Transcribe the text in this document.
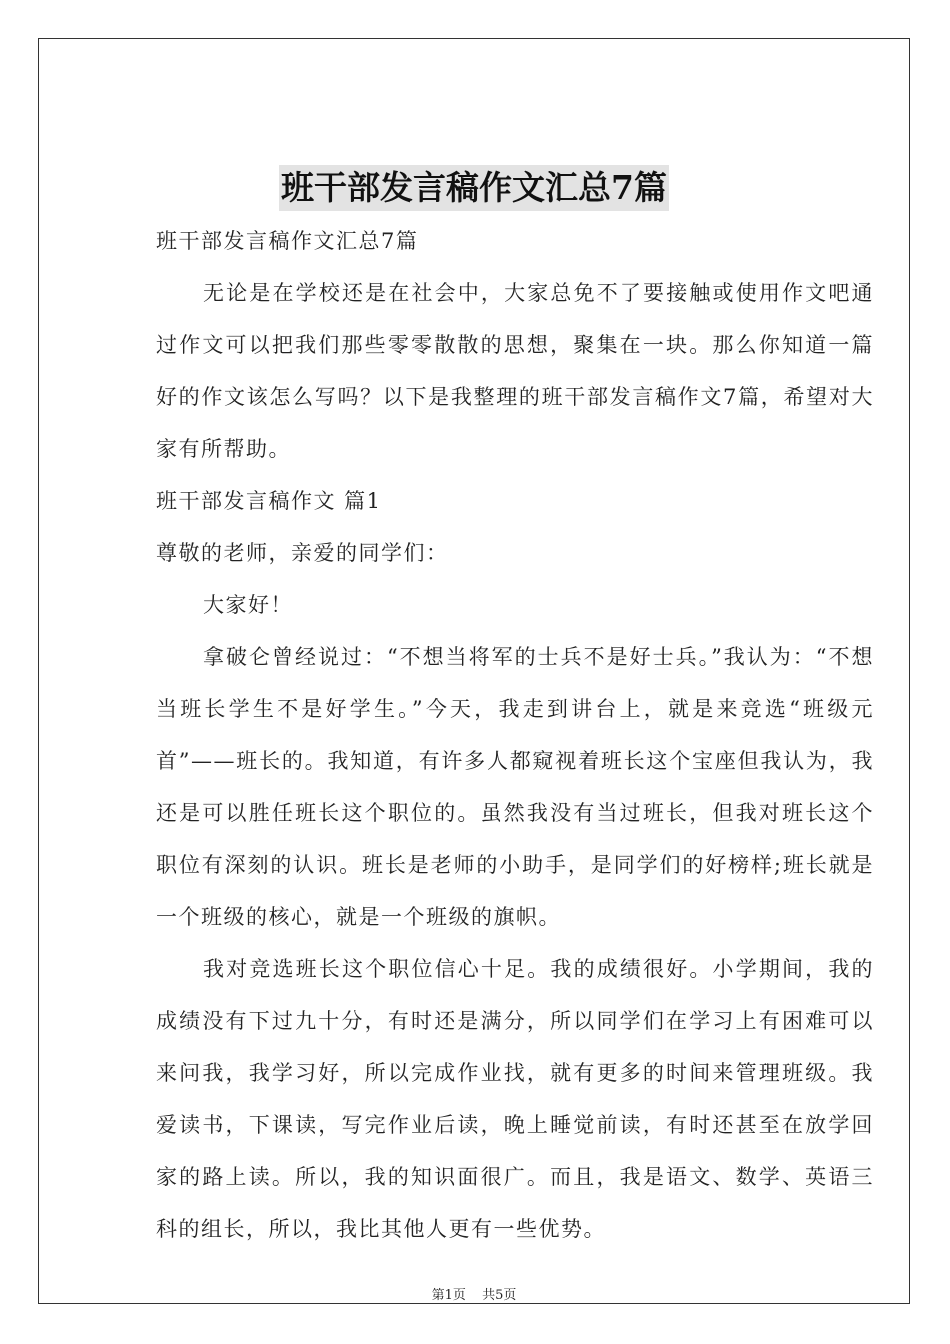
班干部发言稿作文汇总7篇

班干部发言稿作文汇总7篇

无论是在学校还是在社会中，大家总免不了要接触或使用作文吧通过作文可以把我们那些零零散散的思想，聚集在一块。那么你知道一篇好的作文该怎么写吗？以下是我整理的班干部发言稿作文7篇，希望对大家有所帮助。

班干部发言稿作文 篇1

尊敬的老师，亲爱的同学们：

大家好！

拿破仑曾经说过：“不想当将军的士兵不是好士兵。”我认为：“不想当班长学生不是好学生。”今天，我走到讲台上，就是来竞选“班级元首”——班长的。我知道，有许多人都窥视着班长这个宝座但我认为，我还是可以胜任班长这个职位的。虽然我没有当过班长，但我对班长这个职位有深刻的认识。班长是老师的小助手，是同学们的好榜样;班长就是一个班级的核心，就是一个班级的旗帜。

我对竞选班长这个职位信心十足。我的成绩很好。小学期间，我的成绩没有下过九十分，有时还是满分，所以同学们在学习上有困难可以来问我，我学习好，所以完成作业找，就有更多的时间来管理班级。我爱读书，下课读，写完作业后读，晚上睡觉前读，有时还甚至在放学回家的路上读。所以，我的知识面很广。而且，我是语文、数学、英语三科的组长，所以，我比其他人更有一些优势。

第1页 共5页
